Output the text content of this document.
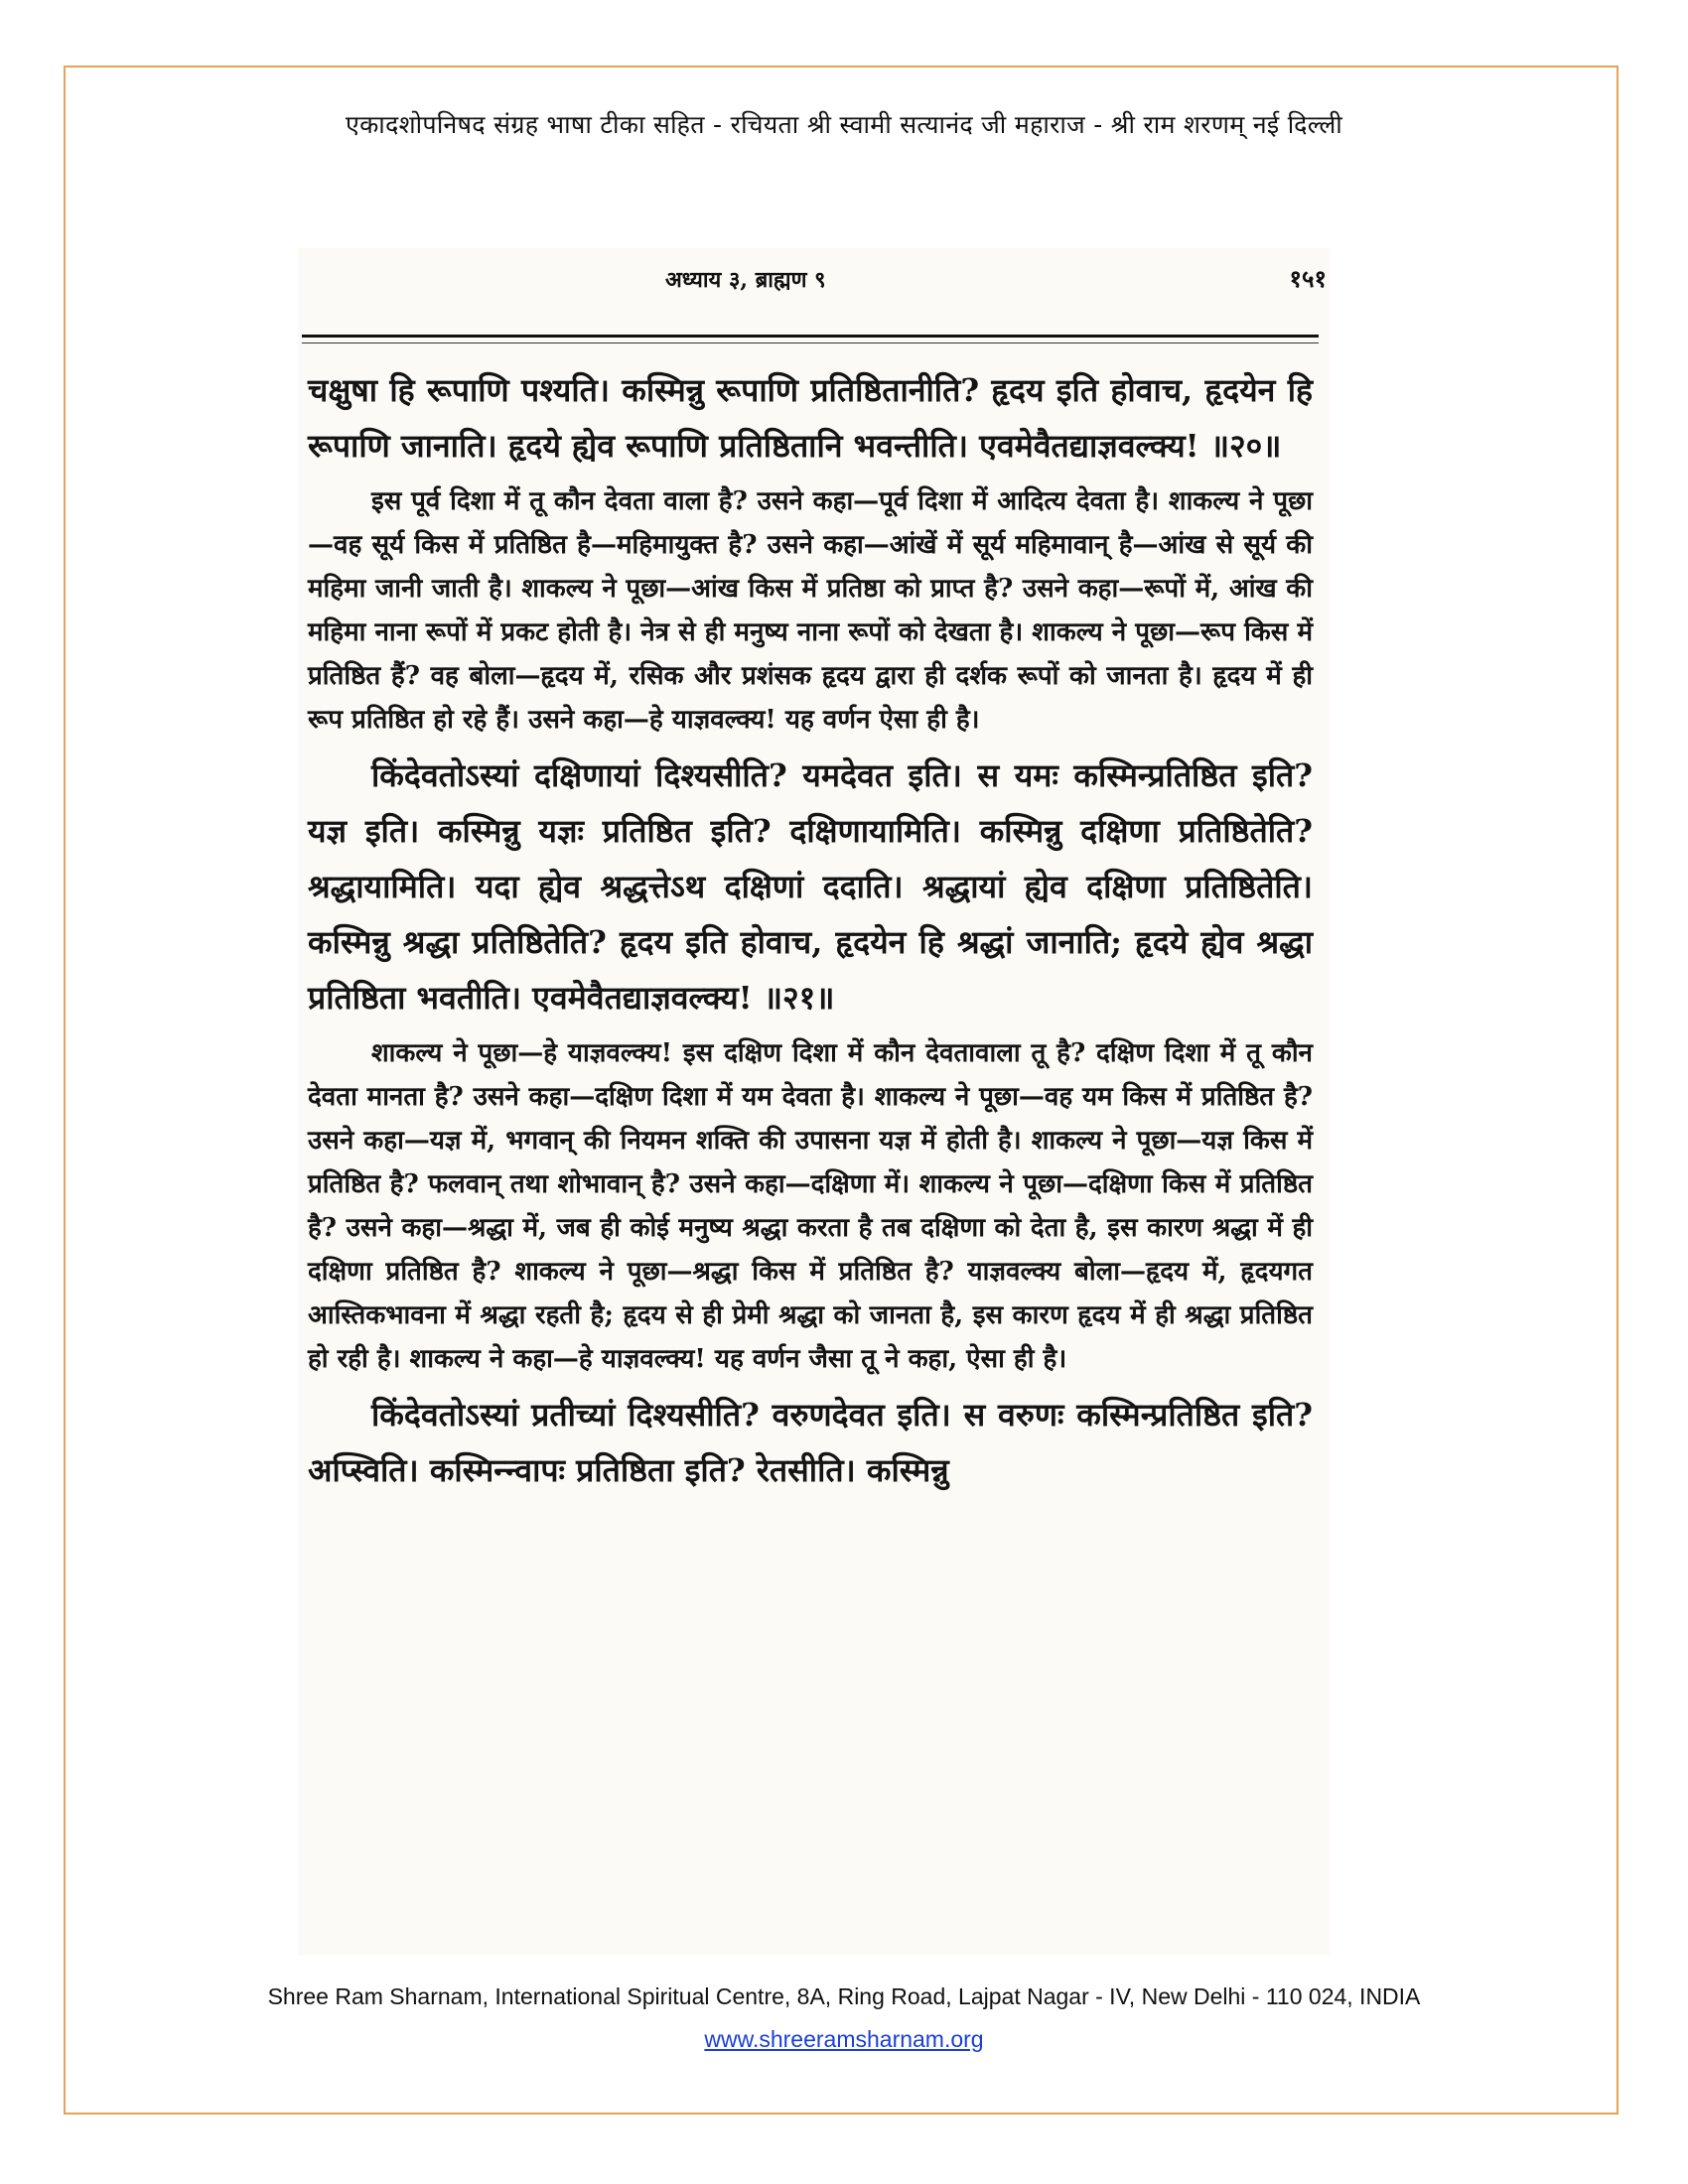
एकादशोपनिषद संग्रह भाषा टीका सहित - रचियता श्री स्वामी सत्यानंद जी महाराज - श्री राम शरणम् नई दिल्ली
अध्याय ३, ब्राह्मण ९	१५१

चक्षुषा हि रूपाणि पश्यति। कस्मिन्नु रूपाणि प्रतिष्ठितानीति? हृदय इति होवाच, हृदयेन हि रूपाणि जानाति। हृदये ह्येव रूपाणि प्रतिष्ठितानि भवन्तीति। एवमेवैतद्याज्ञवल्क्य! ॥२०॥

इस पूर्व दिशा में तू कौन देवता वाला है? उसने कहा—पूर्व दिशा में आदित्य देवता है। शाकल्य ने पूछा—वह सूर्य किस में प्रतिष्ठित है—महिमायुक्त है? उसने कहा—आंखें में सूर्य महिमावान् है—आंख से सूर्य की महिमा जानी जाती है। शाकल्य ने पूछा—आंख किस में प्रतिष्ठा को प्राप्त है? उसने कहा—रूपों में, आंख की महिमा नाना रूपों में प्रकट होती है। नेत्र से ही मनुष्य नाना रूपों को देखता है। शाकल्य ने पूछा—रूप किस में प्रतिष्ठित हैं? वह बोला—हृदय में, रसिक और प्रशंसक हृदय द्वारा ही दर्शक रूपों को जानता है। हृदय में ही रूप प्रतिष्ठित हो रहे हैं। उसने कहा—हे याज्ञवल्क्य! यह वर्णन ऐसा ही है।

किंदेवतोऽस्यां दक्षिणायां दिश्यसीति? यमदेवत इति। स यमः कस्मिन्प्रतिष्ठित इति? यज्ञ इति। कस्मिन्नु यज्ञः प्रतिष्ठित इति? दक्षिणायामिति। कस्मिन्नु दक्षिणा प्रतिष्ठितेति? श्रद्धायामिति। यदा ह्येव श्रद्धत्तेऽथ दक्षिणां ददाति। श्रद्धायां ह्येव दक्षिणा प्रतिष्ठितेति। कस्मिन्नु श्रद्धा प्रतिष्ठितेति? हृदय इति होवाच, हृदयेन हि श्रद्धां जानाति; हृदये ह्येव श्रद्धा प्रतिष्ठिता भवतीति। एवमेवैतद्याज्ञवल्क्य! ॥२१॥

शाकल्य ने पूछा—हे याज्ञवल्क्य! इस दक्षिण दिशा में कौन देवतावाला तू है? दक्षिण दिशा में तू कौन देवता मानता है? उसने कहा—दक्षिण दिशा में यम देवता है। शाकल्य ने पूछा—वह यम किस में प्रतिष्ठित है? उसने कहा—यज्ञ में, भगवान् की नियमन शक्ति की उपासना यज्ञ में होती है। शाकल्य ने पूछा—यज्ञ किस में प्रतिष्ठित है? फलवान् तथा शोभावान् है? उसने कहा—दक्षिणा में। शाकल्य ने पूछा—दक्षिणा किस में प्रतिष्ठित है? उसने कहा—श्रद्धा में, जब ही कोई मनुष्य श्रद्धा करता है तब दक्षिणा को देता है, इस कारण श्रद्धा में ही दक्षिणा प्रतिष्ठित है? शाकल्य ने पूछा—श्रद्धा किस में प्रतिष्ठित है? याज्ञवल्क्य बोला—हृदय में, हृदयगत आस्तिकभावना में श्रद्धा रहती है; हृदय से ही प्रेमी श्रद्धा को जानता है, इस कारण हृदय में ही श्रद्धा प्रतिष्ठित हो रही है। शाकल्य ने कहा—हे याज्ञवल्क्य! यह वर्णन जैसा तू ने कहा, ऐसा ही है।

किंदेवतोऽस्यां प्रतीच्यां दिश्यसीति? वरुणदेवत इति। स वरुणः कस्मिन्प्रतिष्ठित इति? अप्स्विति। कस्मिन्न्वापः प्रतिष्ठिता इति? रेतसीति। कस्मिन्नु

Shree Ram Sharnam, International Spiritual Centre, 8A, Ring Road, Lajpat Nagar - IV, New Delhi - 110 024, INDIA
www.shreeramsharnam.org
